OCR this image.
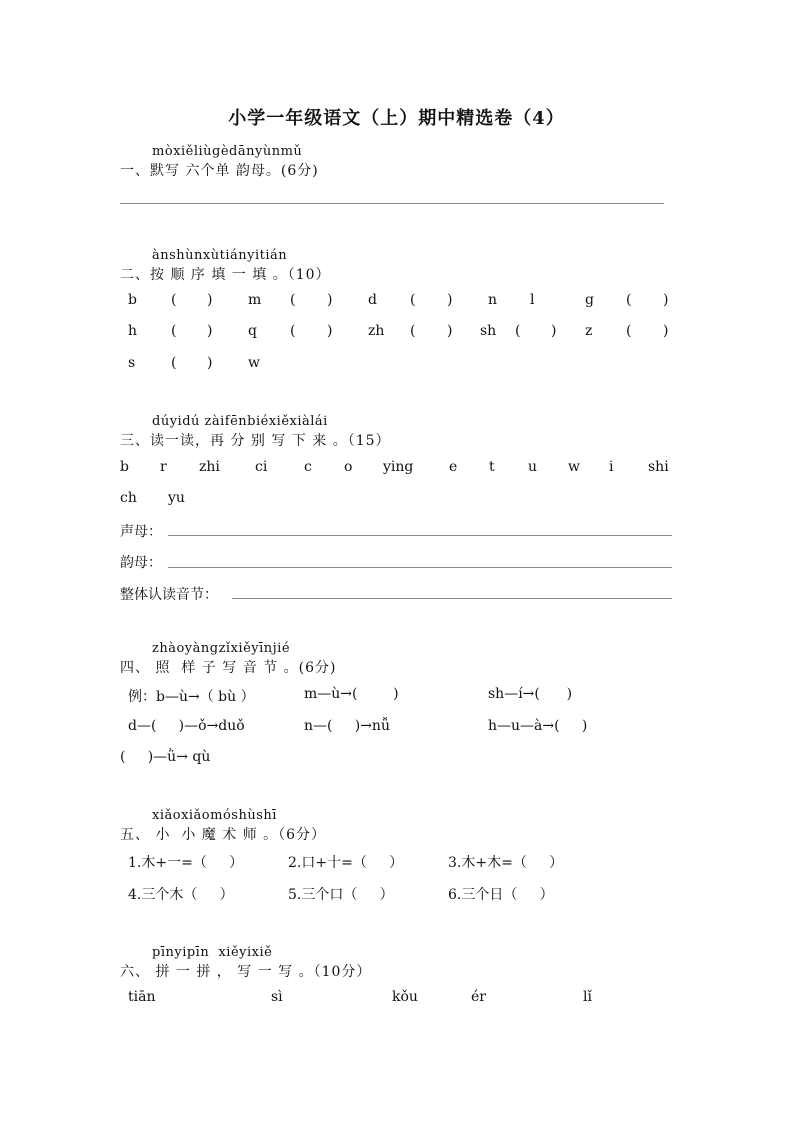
小学一年级语文（上）期中精选卷（4）
mòxiěliùgèdānyùnmǔ
一、默写 六个单 韵母。(6分)
ànshùnxùtiányitián
二、按 顺 序 填 一 填 。（10）
b ( )	m ( )	d ( )	n l	g ( )
h ( )	q ( )	zh ( ) sh ( ) z ( )
s	( )	w
dúyidú zàifēnbiéxiěxiàlái
三、读一读，再 分 别 写 下 来 。（15）
b r zhi	ci	c o ying	e t u w i shi
ch yu
声母：
韵母：
整体认读音节：
zhàoyàngzǐxiěyīnjié
四、 照  样 子 写 音 节 。(6分)
例：b—ù→（ bù ）	m—ù→(        )	sh—í→(      )
d—(     )—ǒ→duǒ	n—(     )→nǚ	h—u—à→(     )
(     )—ǜ→ qù
xiǎoxiǎomóshùshī
五、 小  小 魔 术 师 。（6分）
1.木+一=（     ）	2.口+十=（     ）	3.木+木=（     ）
4.三个木（     ）	5.三个口（     ）	6.三个日（     ）
pīnyipīn  xiěyixiě
六、 拼 一 拼 ， 写 一 写 。（10分）
tiān	sì	kǒu	ér	lǐ
